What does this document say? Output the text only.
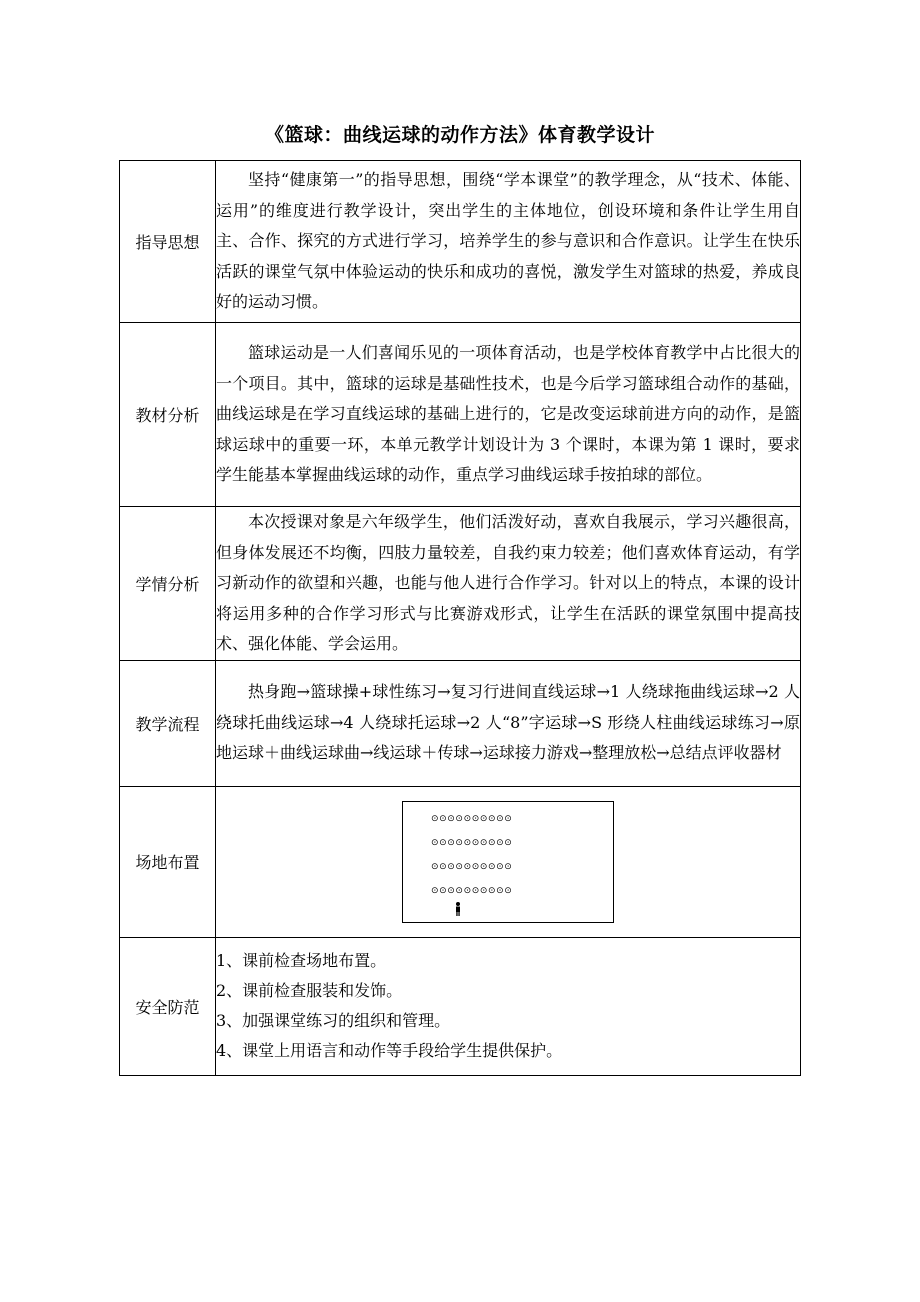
《篮球：曲线运球的动作方法》体育教学设计
指导思想	坚持“健康第一”的指导思想，围绕“学本课堂”的教学理念，从“技术、体能、运用”的维度进行教学设计，突出学生的主体地位，创设环境和条件让学生用自主、合作、探究的方式进行学习，培养学生的参与意识和合作意识。让学生在快乐活跃的课堂气氛中体验运动的快乐和成功的喜悦，激发学生对篮球的热爱，养成良好的运动习惯。

教材分析	篮球运动是一人们喜闻乐见的一项体育活动，也是学校体育教学中占比很大的一个项目。其中，篮球的运球是基础性技术，也是今后学习篮球组合动作的基础，曲线运球是在学习直线运球的基础上进行的，它是改变运球前进方向的动作，是篮球运球中的重要一环，本单元教学计划设计为 3 个课时，本课为第 1 课时，要求学生能基本掌握曲线运球的动作，重点学习曲线运球手按拍球的部位。

学情分析	本次授课对象是六年级学生，他们活泼好动，喜欢自我展示，学习兴趣很高，但身体发展还不均衡，四肢力量较差，自我约束力较差；他们喜欢体育运动，有学习新动作的欲望和兴趣，也能与他人进行合作学习。针对以上的特点，本课的设计将运用多种的合作学习形式与比赛游戏形式，让学生在活跃的课堂氛围中提高技术、强化体能、学会运用。

教学流程	热身跑→篮球操+球性练习→复习行进间直线运球→1 人绕球拖曲线运球→2 人绕球托曲线运球→4 人绕球托运球→2 人“8”字运球→S 形绕人柱曲线运球练习→原地运球＋曲线运球曲→线运球＋传球→运球接力游戏→整理放松→总结点评收器材

场地布置	⊙⊙⊙⊙⊙⊙⊙⊙⊙⊙
⊙⊙⊙⊙⊙⊙⊙⊙⊙⊙
⊙⊙⊙⊙⊙⊙⊙⊙⊙⊙
⊙⊙⊙⊙⊙⊙⊙⊙⊙⊙

安全防范	1、课前检查场地布置。
2、课前检查服装和发饰。
3、加强课堂练习的组织和管理。
4、课堂上用语言和动作等手段给学生提供保护。
